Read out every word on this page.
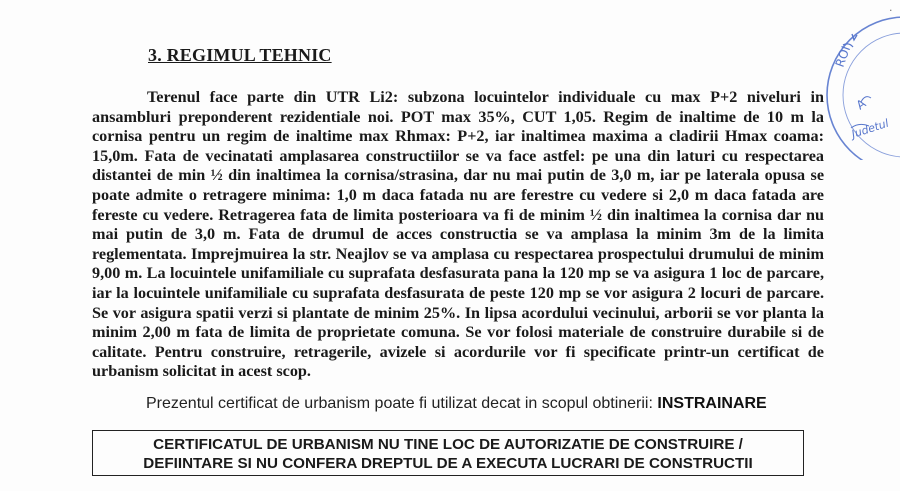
3. REGIMUL TEHNIC

Terenul face parte din UTR Li2: subzona locuintelor individuale cu max P+2 niveluri in ansambluri preponderent rezidentiale noi. POT max 35%, CUT 1,05. Regim de inaltime de 10 m la cornisa pentru un regim de inaltime max Rhmax: P+2, iar inaltimea maxima a cladirii Hmax coama: 15,0m. Fata de vecinatati amplasarea constructiilor se va face astfel: pe una din laturi cu respectarea distantei de min ½ din inaltimea la cornisa/strasina, dar nu mai putin de 3,0 m, iar pe laterala opusa se poate admite o retragere minima: 1,0 m daca fatada nu are ferestre cu vedere si 2,0 m daca fatada are fereste cu vedere. Retragerea fata de limita posterioara va fi de minim ½ din inaltimea la cornisa dar nu mai putin de 3,0 m. Fata de drumul de acces constructia se va amplasa la minim 3m de la limita reglementata. Imprejmuirea la str. Neajlov se va amplasa cu respectarea prospectului drumului de minim 9,00 m. La locuintele unifamiliale cu suprafata desfasurata pana la 120 mp se va asigura 1 loc de parcare, iar la locuintele unifamiliale cu suprafata desfasurata de peste 120 mp se vor asigura 2 locuri de parcare. Se vor asigura spatii verzi si plantate de minim 25%. In lipsa acordului vecinului, arborii se vor planta la minim 2,00 m fata de limita de proprietate comuna. Se vor folosi materiale de construire durabile si de calitate. Pentru construire, retragerile, avizele si acordurile vor fi specificate printr-un certificat de urbanism solicitat in acest scop.

Prezentul certificat de urbanism poate fi utilizat decat in scopul obtinerii: INSTRAINARE
CERTIFICATUL DE URBANISM NU TINE LOC DE AUTORIZATIE DE CONSTRUIRE /
DEFIINTARE SI NU CONFERA DREPTUL DE A EXECUTA LUCRARI DE CONSTRUCTII
ROI
A
Judetul
·
